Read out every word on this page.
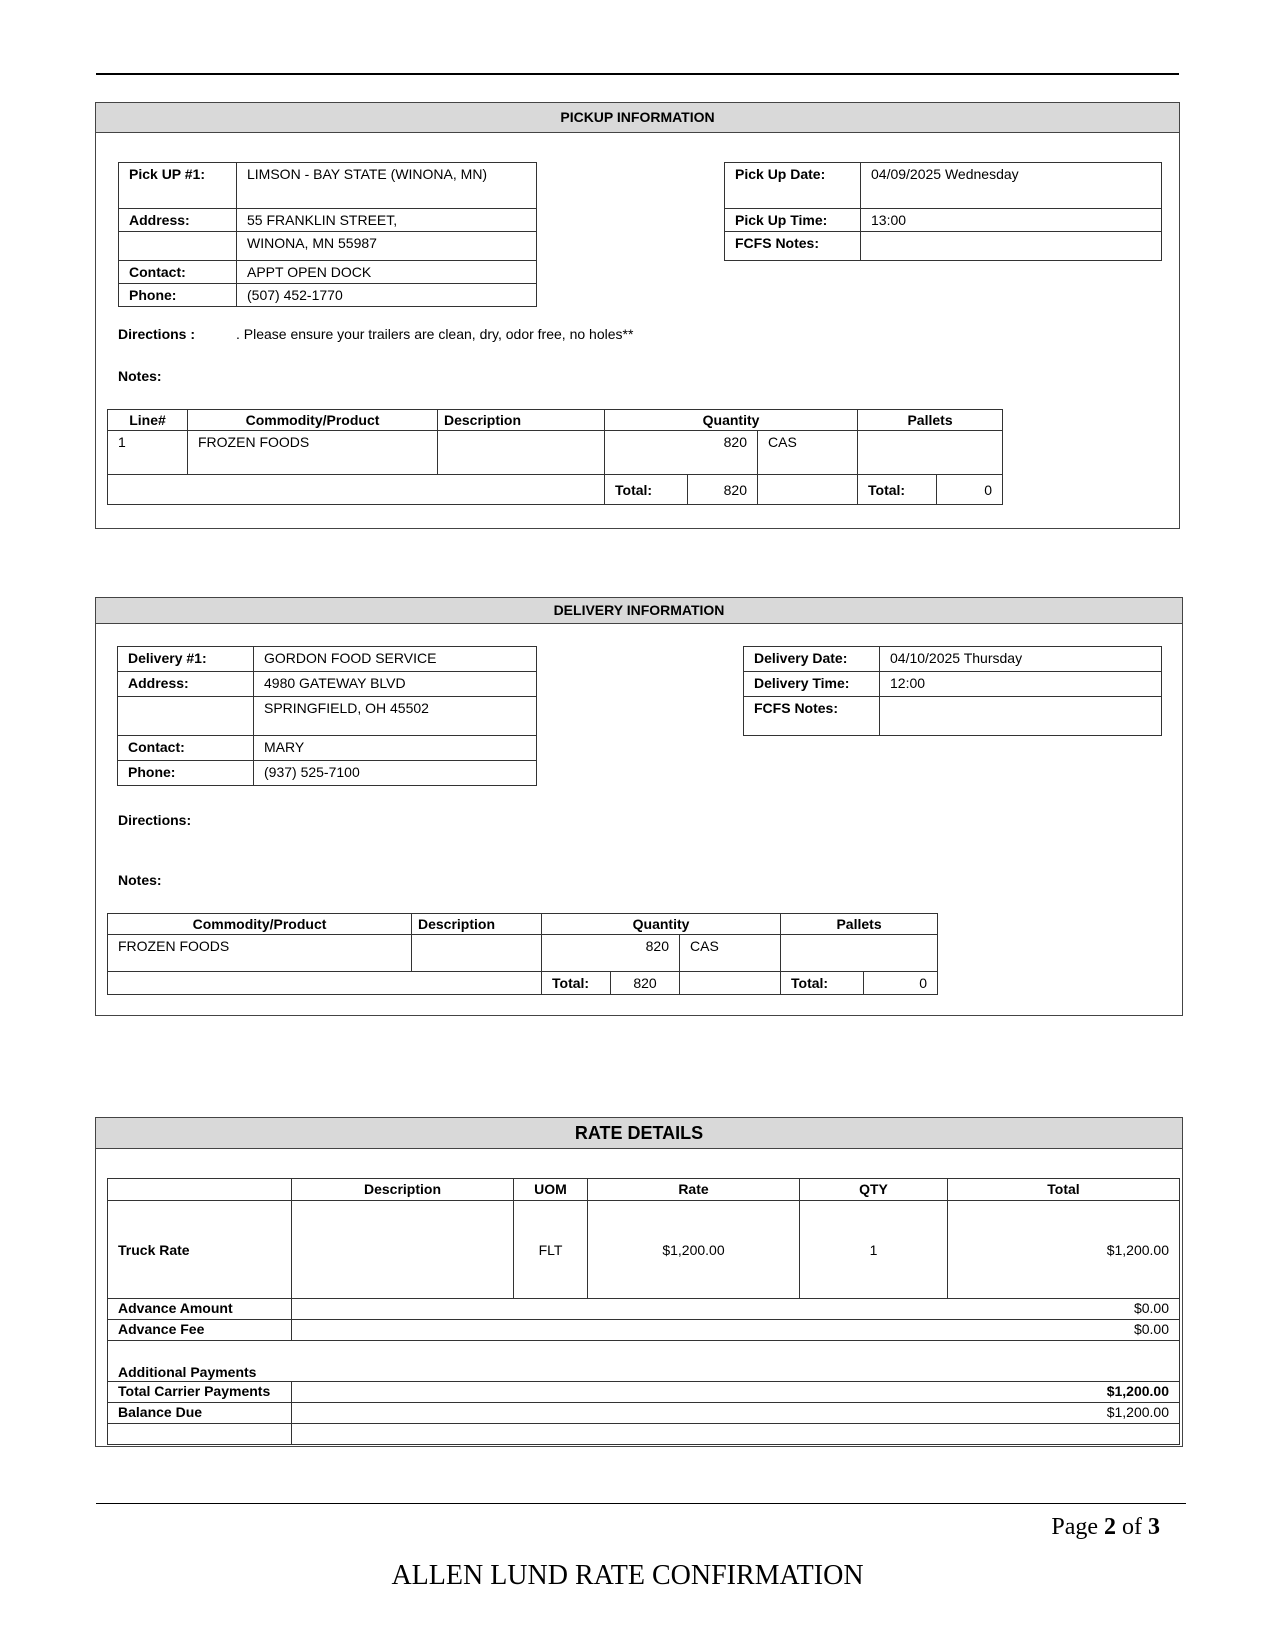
PICKUP INFORMATION
Pick UP #1:	LIMSON - BAY STATE (WINONA, MN)
Address:	55 FRANKLIN STREET,
	WINONA, MN 55987
Contact:	APPT OPEN DOCK
Phone:	(507) 452-1770
Pick Up Date:	04/09/2025 Wednesday
Pick Up Time:	13:00
FCFS Notes:	
Directions :	. Please ensure your trailers are clean, dry, odor free, no holes**
Notes:
Line#	Commodity/Product	Description	Quantity			Pallets	
1	FROZEN FOODS		820		CAS		
			Total:	820		Total:	0
DELIVERY INFORMATION
Delivery #1:	GORDON FOOD SERVICE
Address:	4980 GATEWAY BLVD
	SPRINGFIELD, OH 45502
Contact:	MARY
Phone:	(937) 525-7100
Delivery Date:	04/10/2025 Thursday
Delivery Time:	12:00
FCFS Notes:	
Directions:
Notes:
Commodity/Product	Description	Quantity			Pallets	
FROZEN FOODS		820		CAS		
		Total:	820		Total:	0
RATE DETAILS
	Description	UOM	Rate	QTY	Total
Truck Rate		FLT	$1,200.00	1	$1,200.00
Advance Amount	$0.00				
Advance Fee	$0.00				
Additional Payments					
Total Carrier Payments	$1,200.00				
Balance Due	$1,200.00				

Page 2 of 3
ALLEN LUND RATE CONFIRMATION
